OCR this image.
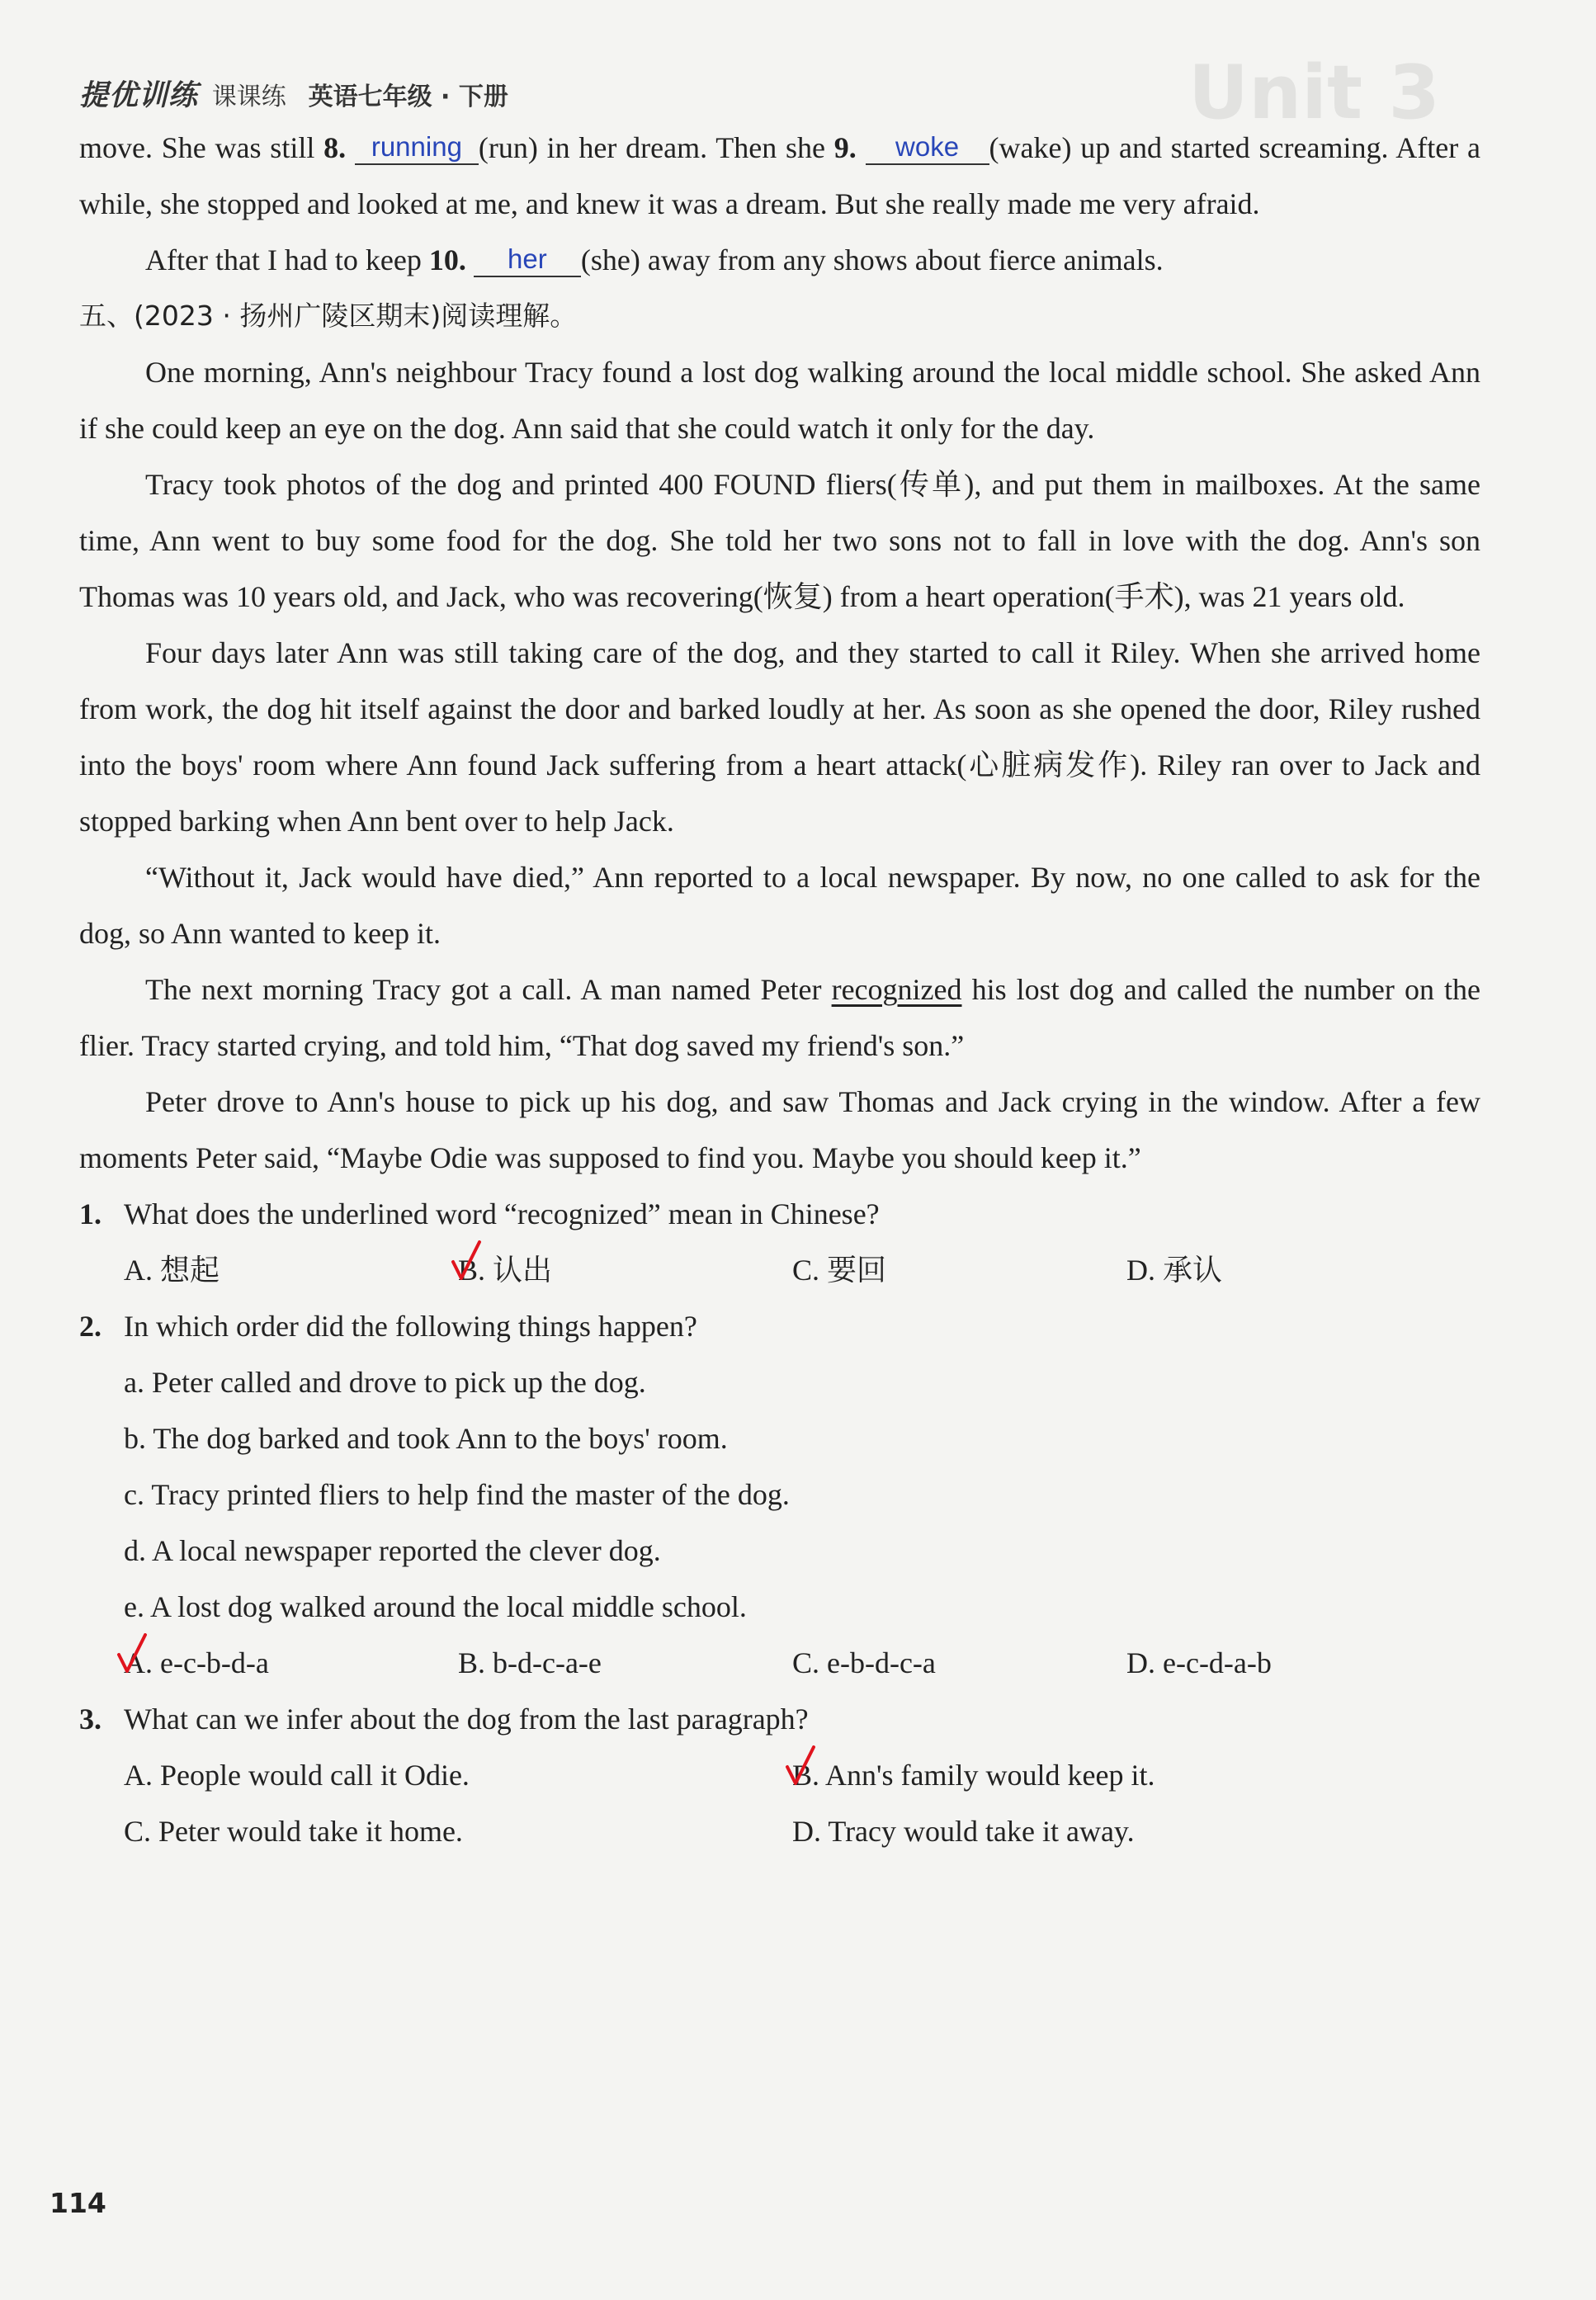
Unit 3
提优训练 课课练 英语七年级 · 下册

move. She was still 8. running (run) in her dream. Then she 9. woke (wake) up and started screaming. After a while, she stopped and looked at me, and knew it was a dream. But she really made me very afraid.

After that I had to keep 10. her (she) away from any shows about fierce animals.

五、(2023 · 扬州广陵区期末)阅读理解。

One morning, Ann's neighbour Tracy found a lost dog walking around the local middle school. She asked Ann if she could keep an eye on the dog. Ann said that she could watch it only for the day.

Tracy took photos of the dog and printed 400 FOUND fliers(传单), and put them in mailboxes. At the same time, Ann went to buy some food for the dog. She told her two sons not to fall in love with the dog. Ann's son Thomas was 10 years old, and Jack, who was recovering(恢复) from a heart operation(手术), was 21 years old.

Four days later Ann was still taking care of the dog, and they started to call it Riley. When she arrived home from work, the dog hit itself against the door and barked loudly at her. As soon as she opened the door, Riley rushed into the boys' room where Ann found Jack suffering from a heart attack(心脏病发作). Riley ran over to Jack and stopped barking when Ann bent over to help Jack.

“Without it, Jack would have died,” Ann reported to a local newspaper. By now, no one called to ask for the dog, so Ann wanted to keep it.

The next morning Tracy got a call. A man named Peter recognized his lost dog and called the number on the flier. Tracy started crying, and told him, “That dog saved my friend's son.”

Peter drove to Ann's house to pick up his dog, and saw Thomas and Jack crying in the window. After a few moments Peter said, “Maybe Odie was supposed to find you. Maybe you should keep it.”

1. What does the underlined word “recognized” mean in Chinese?
A. 想起	B. 认出	C. 要回	D. 承认
2. In which order did the following things happen?
a. Peter called and drove to pick up the dog.
b. The dog barked and took Ann to the boys' room.
c. Tracy printed fliers to help find the master of the dog.
d. A local newspaper reported the clever dog.
e. A lost dog walked around the local middle school.
A. e-c-b-d-a	B. b-d-c-a-e	C. e-b-d-c-a	D. e-c-d-a-b
3. What can we infer about the dog from the last paragraph?
A. People would call it Odie.	B. Ann's family would keep it.
C. Peter would take it home.	D. Tracy would take it away.
114
